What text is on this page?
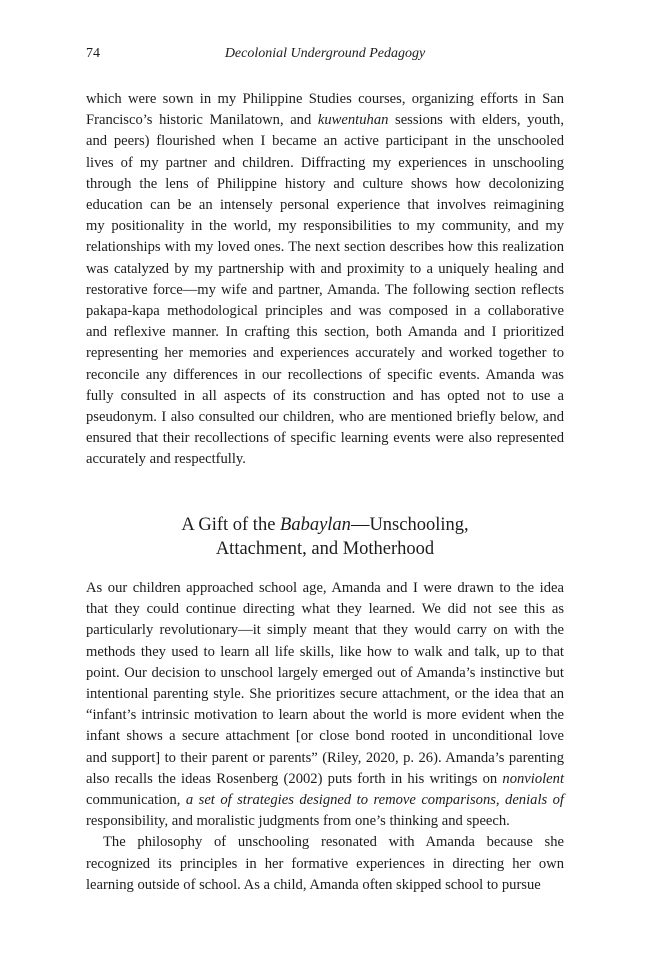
74	Decolonial Underground Pedagogy

which were sown in my Philippine Studies courses, organizing efforts in San
Francisco’s historic Manilatown, and kuwentuhan sessions with elders, youth,
and peers) flourished when I became an active participant in the unschooled
lives of my partner and children. Diffracting my experiences in unschooling
through the lens of Philippine history and culture shows how decolonizing
education can be an intensely personal experience that involves reimagining
my positionality in the world, my responsibilities to my community, and my
relationships with my loved ones. The next section describes how this realization
was catalyzed by my partnership with and proximity to a uniquely healing and
restorative force—my wife and partner, Amanda. The following section reflects
pakapa-kapa methodological principles and was composed in a collaborative
and reflexive manner. In crafting this section, both Amanda and I prioritized
representing her memories and experiences accurately and worked together to
reconcile any differences in our recollections of specific events. Amanda was
fully consulted in all aspects of its construction and has opted not to use a
pseudonym. I also consulted our children, who are mentioned briefly below, and
ensured that their recollections of specific learning events were also represented
accurately and respectfully.

A Gift of the Babaylan—Unschooling,
Attachment, and Motherhood

As our children approached school age, Amanda and I were drawn to the idea
that they could continue directing what they learned. We did not see this as
particularly revolutionary—it simply meant that they would carry on with the
methods they used to learn all life skills, like how to walk and talk, up to that
point. Our decision to unschool largely emerged out of Amanda’s instinctive but
intentional parenting style. She prioritizes secure attachment, or the idea that an
“infant’s intrinsic motivation to learn about the world is more evident when the
infant shows a secure attachment [or close bond rooted in unconditional love
and support] to their parent or parents” (Riley, 2020, p. 26). Amanda’s parenting
also recalls the ideas Rosenberg (2002) puts forth in his writings on nonviolent
communication, a set of strategies designed to remove comparisons, denials of
responsibility, and moralistic judgments from one’s thinking and speech.

The philosophy of unschooling resonated with Amanda because she
recognized its principles in her formative experiences in directing her own
learning outside of school. As a child, Amanda often skipped school to pursue
